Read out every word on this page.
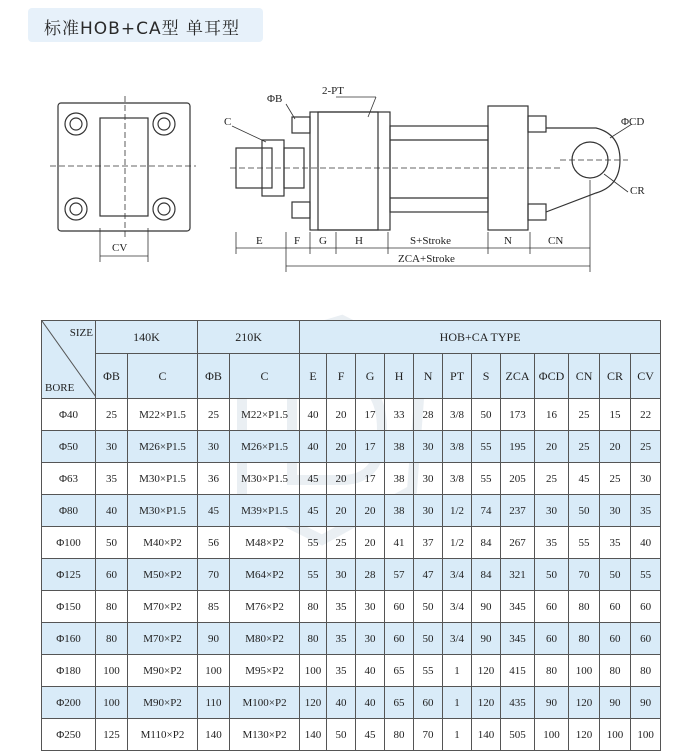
标准HOB+CA型 单耳型
CV
C
ΦB
2-PT
ΦCD
CR
E	F G	H	S+Stroke	N	CN
ZCA+Stroke
SIZE
BORE	140K		210K		HOB+CA TYPE											
	ΦB	C	ΦB	C	E	F	G	H	N	PT	S	ZCA	ΦCD	CN	CR	CV
Φ40	25	M22×P1.5	25	M22×P1.5	40	20	17	33	28	3/8	50	173	16	25	15	22
Φ50	30	M26×P1.5	30	M26×P1.5	40	20	17	38	30	3/8	55	195	20	25	20	25
Φ63	35	M30×P1.5	36	M30×P1.5	45	20	17	38	30	3/8	55	205	25	45	25	30
Φ80	40	M30×P1.5	45	M39×P1.5	45	20	20	38	30	1/2	74	237	30	50	30	35
Φ100	50	M40×P2	56	M48×P2	55	25	20	41	37	1/2	84	267	35	55	35	40
Φ125	60	M50×P2	70	M64×P2	55	30	28	57	47	3/4	84	321	50	70	50	55
Φ150	80	M70×P2	85	M76×P2	80	35	30	60	50	3/4	90	345	60	80	60	60
Φ160	80	M70×P2	90	M80×P2	80	35	30	60	50	3/4	90	345	60	80	60	60
Φ180	100	M90×P2	100	M95×P2	100	35	40	65	55	1	120	415	80	100	80	80
Φ200	100	M90×P2	110	M100×P2	120	40	40	65	60	1	120	435	90	120	90	90
Φ250	125	M110×P2	140	M130×P2	140	50	45	80	70	1	140	505	100	120	100	100
